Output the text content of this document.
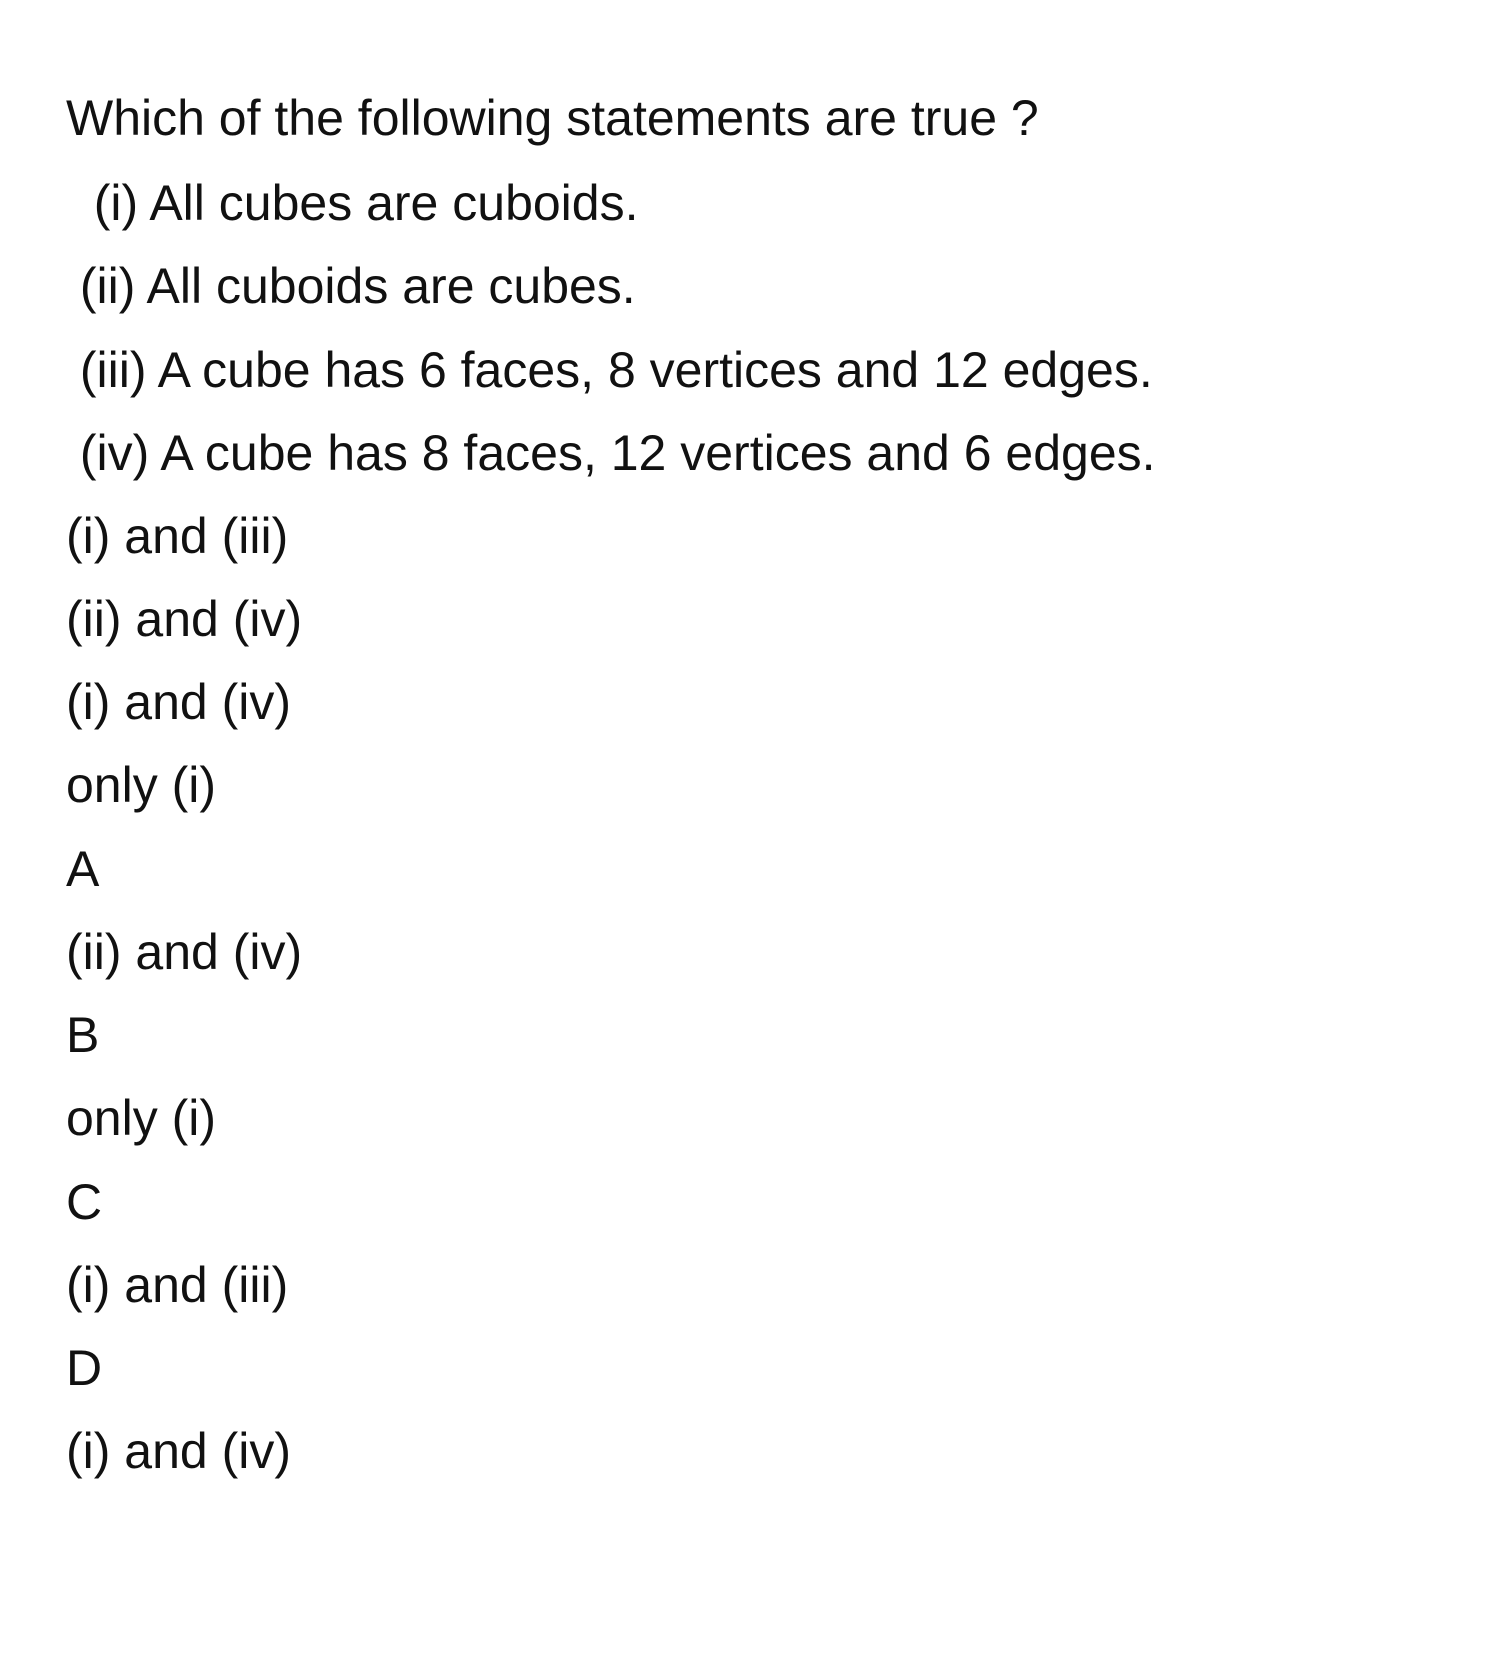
Which of the following statements are true ?
(i) All cubes are cuboids.
(ii) All cuboids are cubes.
(iii) A cube has 6 faces, 8 vertices and 12 edges.
(iv) A cube has 8 faces, 12 vertices and 6 edges.
(i) and (iii)
(ii) and (iv)
(i) and (iv)
only (i)
A
(ii) and (iv)
B
only (i)
C
(i) and (iii)
D
(i) and (iv)
